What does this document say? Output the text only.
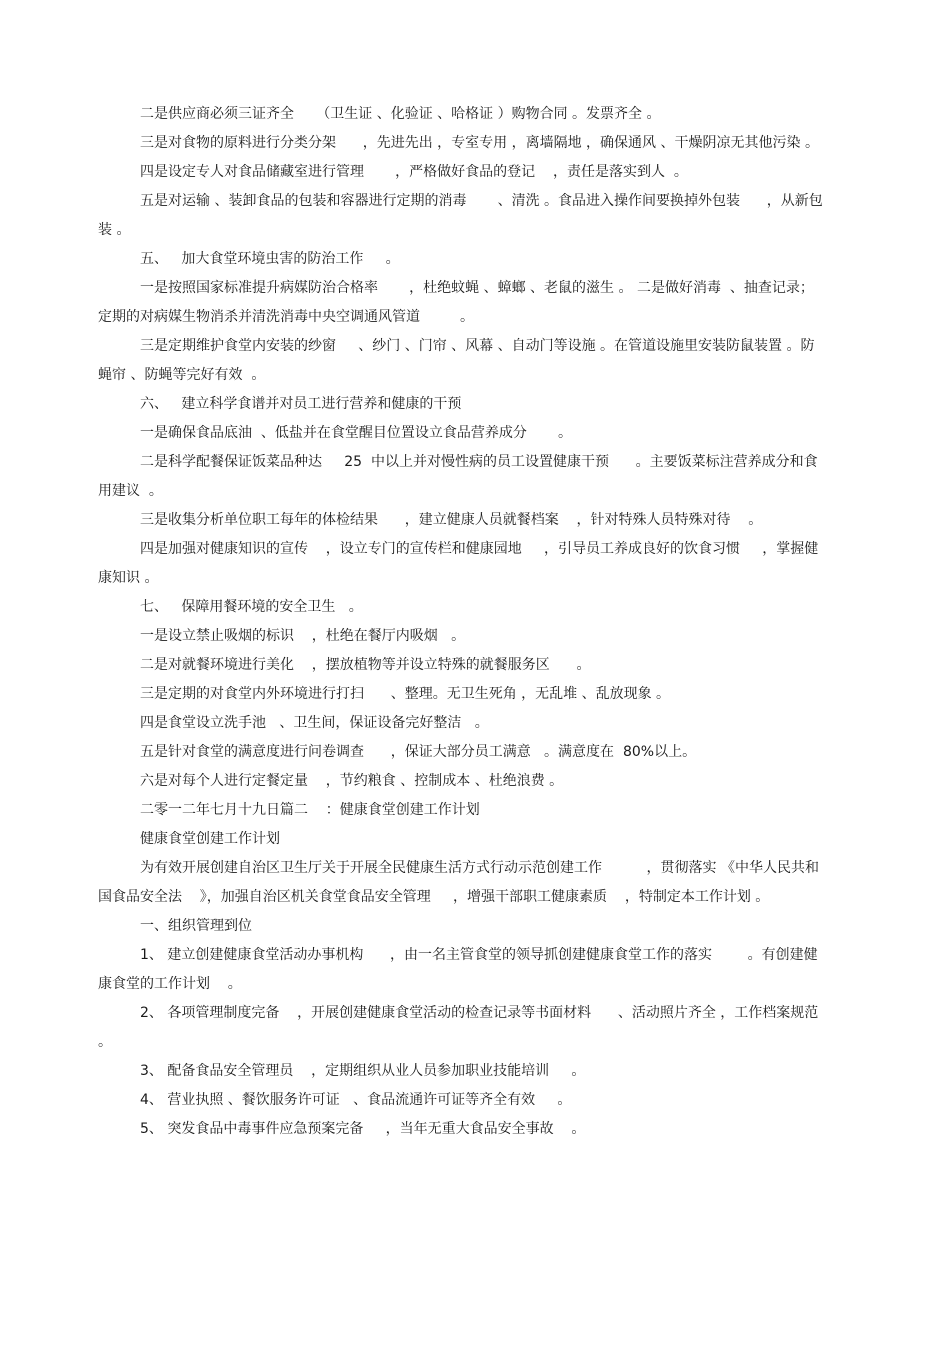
二是供应商必须三证齐全     （卫生证 、化验证 、哈格证 ）购物合同 。发票齐全 。

三是对食物的原料进行分类分架      ，先进先出 ，专室专用 ，离墙隔地 ，确保通风 、干燥阴凉无其他污染 。

四是设定专人对食品储藏室进行管理       ，严格做好食品的登记    ，责任是落实到人  。

五是对运输 、装卸食品的包装和容器进行定期的消毒       、清洗 。食品进入操作间要换掉外包装      ，从新包装 。

五、   加大食堂环境虫害的防治工作     。

一是按照国家标准提升病媒防治合格率       ，杜绝蚊蝇 、蟑螂 、老鼠的滋生 。 二是做好消毒  、抽查记录； 定期的对病媒生物消杀并清洗消毒中央空调通风管道         。

三是定期维护食堂内安装的纱窗     、纱门 、门帘 、风幕 、自动门等设施 。在管道设施里安装防鼠装置 。防蝇帘 、防蝇等完好有效  。

六、   建立科学食谱并对员工进行营养和健康的干预

一是确保食品底油  、低盐并在食堂醒目位置设立食品营养成分       。

二是科学配餐保证饭菜品种达     25  中以上并对慢性病的员工设置健康干预      。主要饭菜标注营养成分和食用建议  。

三是收集分析单位职工每年的体检结果      ，建立健康人员就餐档案    ，针对特殊人员特殊对待    。

四是加强对健康知识的宣传    ，设立专门的宣传栏和健康园地     ，引导员工养成良好的饮食习惯     ，掌握健康知识 。

七、   保障用餐环境的安全卫生   。

一是设立禁止吸烟的标识    ，杜绝在餐厅内吸烟   。

二是对就餐环境进行美化    ，摆放植物等并设立特殊的就餐服务区      。

三是定期的对食堂内外环境进行打扫      、整理。无卫生死角 ，无乱堆 、乱放现象 。

四是食堂设立洗手池   、卫生间，保证设备完好整洁   。

五是针对食堂的满意度进行问卷调查      ，保证大部分员工满意   。满意度在  80%以上。

六是对每个人进行定餐定量    ，节约粮食 、控制成本 、杜绝浪费 。

二零一二年七月十九日篇二    ：健康食堂创建工作计划

健康食堂创建工作计划

为有效开展创建自治区卫生厅关于开展全民健康生活方式行动示范创建工作          ，贯彻落实 《中华人民共和国食品安全法    》，加强自治区机关食堂食品安全管理     ，增强干部职工健康素质    ，特制定本工作计划 。

一、组织管理到位

1、 建立创建健康食堂活动办事机构      ，由一名主管食堂的领导抓创建健康食堂工作的落实        。有创建健康食堂的工作计划    。

2、 各项管理制度完备    ，开展创建健康食堂活动的检查记录等书面材料      、活动照片齐全 ，工作档案规范 。

3、 配备食品安全管理员    ，定期组织从业人员参加职业技能培训     。

4、 营业执照 、餐饮服务许可证   、食品流通许可证等齐全有效     。

5、 突发食品中毒事件应急预案完备     ，当年无重大食品安全事故    。
